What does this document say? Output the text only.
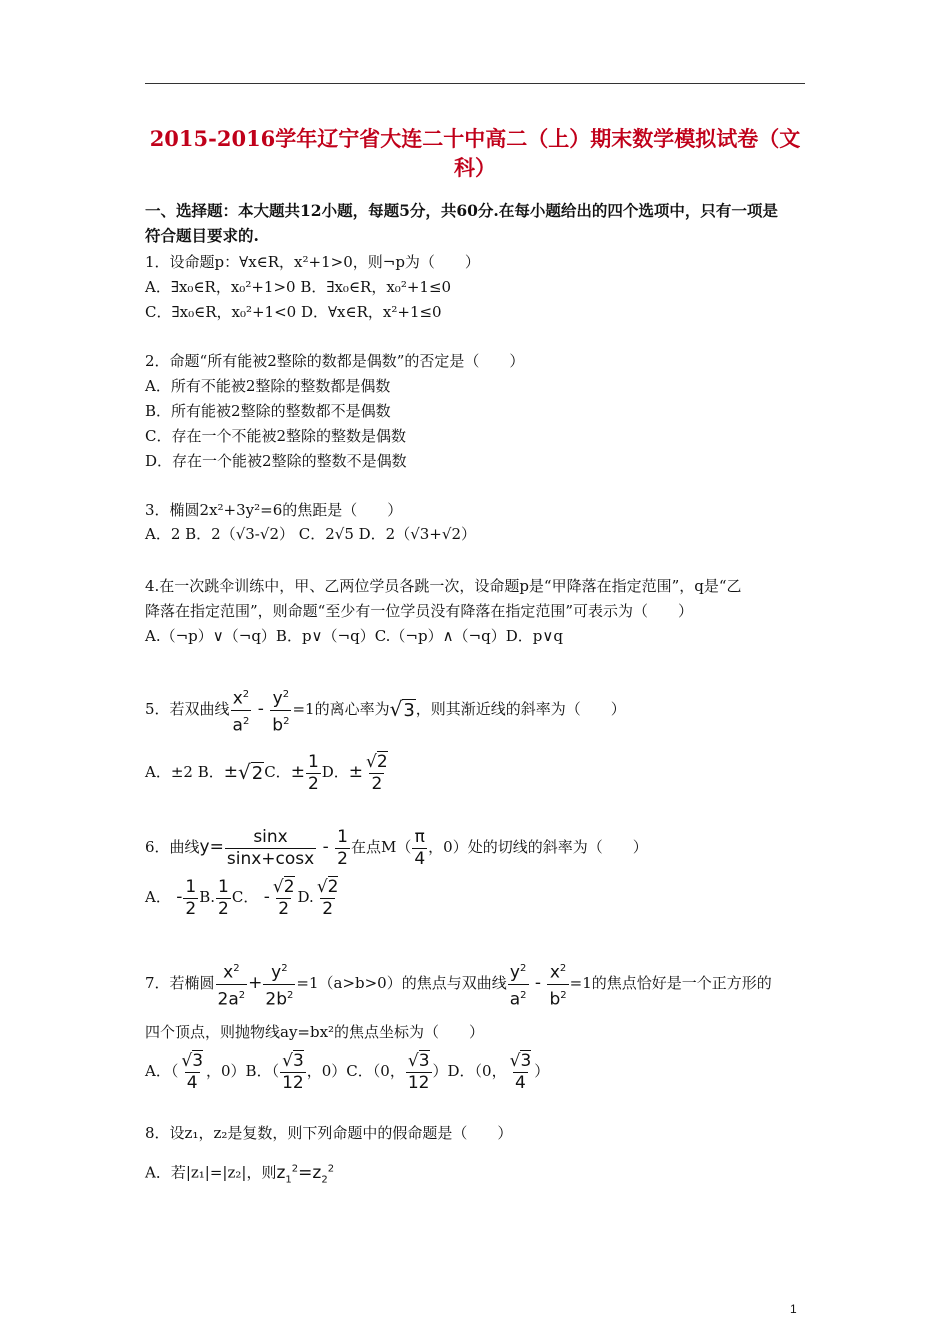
2015-2016学年辽宁省大连二十中高二（上）期末数学模拟试卷（文
科）
一、选择题：本大题共12小题，每题5分，共60分.在每小题给出的四个选项中，只有一项是
符合题目要求的.
1．设命题p：∀x∈R，x²+1>0，则¬p为（　　）
A．∃x₀∈R，x₀²+1>0 B．∃x₀∈R，x₀²+1≤0
C．∃x₀∈R，x₀²+1<0 D．∀x∈R，x²+1≤0
2．命题“所有能被2整除的数都是偶数”的否定是（　　）
A．所有不能被2整除的整数都是偶数
B．所有能被2整除的整数都不是偶数
C．存在一个不能被2整除的整数是偶数
D．存在一个能被2整除的整数不是偶数
3．椭圆2x²+3y²=6的焦距是（　　）
A．2 B．2（√3-√2） C．2√5 D．2（√3+√2）
4.在一次跳伞训练中，甲、乙两位学员各跳一次，设命题p是“甲降落在指定范围”，q是“乙
降落在指定范围”，则命题“至少有一位学员没有降落在指定范围”可表示为（　　）
A.（¬p）∨（¬q）B．p∨（¬q）C.（¬p）∧（¬q）D．p∨q
5．若双曲线 $\frac{x^2}{a^2} - \frac{y^2}{b^2} =1$的离心率为√3，则其渐近线的斜率为（　　）
A．±2 B．±√2C．± $\frac{1}{2}$ D．± $\frac{√2}{2}$
6．曲线$y= \frac{\sin x}{\sin x+\cos x} - \frac{1}{2}$ 在点$M( \frac{\pi}{4}$ ，0）处的切线的斜率为（　　）
A． - $\frac{1}{2} B$. $\frac{1}{2}$ C． - $\frac{√2}{2} D$. $\frac{√2}{2}$
7．若椭圆 $\frac{x^2}{2a^2} + \frac{y^2}{2b^2} =1(a>b>0)$的焦点与双曲线 $\frac{y^2}{a^2} - \frac{x^2}{b^2} =1$的焦点恰好是一个正方形的
四个顶点，则抛物线ay=bx²的焦点坐标为（　　）
A．（ $\frac{√3}{4}$ ，0）B．（ $\frac{√3}{12}$ ，0）C．（0， $\frac{√3}{12} )D$．（0， $\frac{√3}{4}$ ）
8．设z₁，z₂是复数，则下列命题中的假命题是（　　）
A．若|z₁|=|z₂|，则$z_1^2=z_2^2$
1
